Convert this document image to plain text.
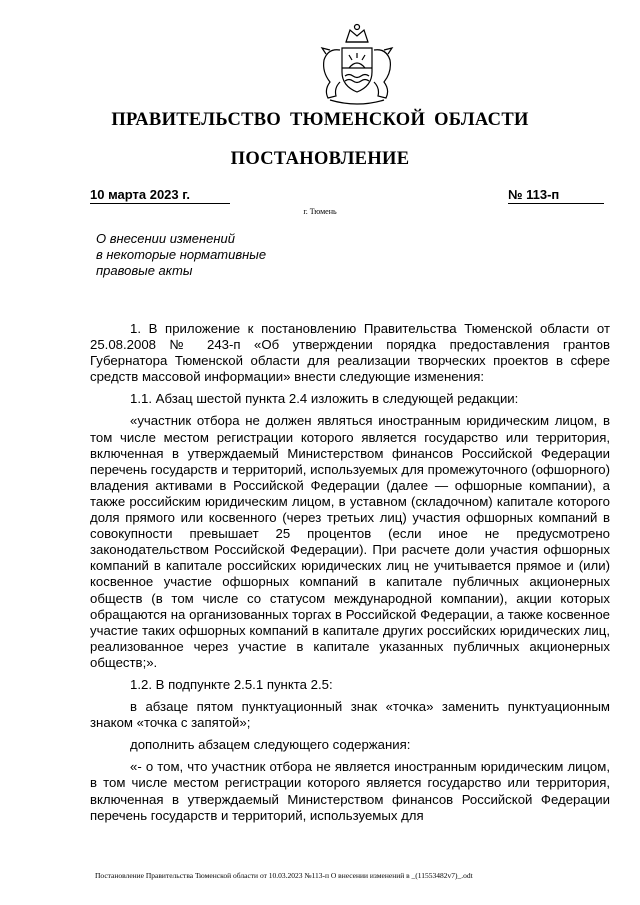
ПРАВИТЕЛЬСТВО ТЮМЕНСКОЙ ОБЛАСТИ
ПОСТАНОВЛЕНИЕ
10 марта 2023 г.	№ 113-п
г. Тюмень
О внесении изменений
в некоторые нормативные
правовые акты

1. В приложение к постановлению Правительства Тюменской области от 25.08.2008 № 243-п «Об утверждении порядка предоставления грантов Губернатора Тюменской области для реализации творческих проектов в сфере средств массовой информации» внести следующие изменения:

1.1. Абзац шестой пункта 2.4 изложить в следующей редакции:

«участник отбора не должен являться иностранным юридическим лицом, в том числе местом регистрации которого является государство или территория, включенная в утверждаемый Министерством финансов Российской Федерации перечень государств и территорий, используемых для промежуточного (офшорного) владения активами в Российской Федерации (далее — офшорные компании), а также российским юридическим лицом, в уставном (складочном) капитале которого доля прямого или косвенного (через третьих лиц) участия офшорных компаний в совокупности превышает 25 процентов (если иное не предусмотрено законодательством Российской Федерации). При расчете доли участия офшорных компаний в капитале российских юридических лиц не учитывается прямое и (или) косвенное участие офшорных компаний в капитале публичных акционерных обществ (в том числе со статусом международной компании), акции которых обращаются на организованных торгах в Российской Федерации, а также косвенное участие таких офшорных компаний в капитале других российских юридических лиц, реализованное через участие в капитале указанных публичных акционерных обществ;».

1.2. В подпункте 2.5.1 пункта 2.5:

в абзаце пятом пунктуационный знак «точка» заменить пунктуационным знаком «точка с запятой»;

дополнить абзацем следующего содержания:

«- о том, что участник отбора не является иностранным юридическим лицом, в том числе местом регистрации которого является государство или территория, включенная в утверждаемый Министерством финансов Российской Федерации перечень государств и территорий, используемых для

Постановление Правительства Тюменской области от 10.03.2023 №113-п О внесении изменений в _(11553482v7)_.odt
